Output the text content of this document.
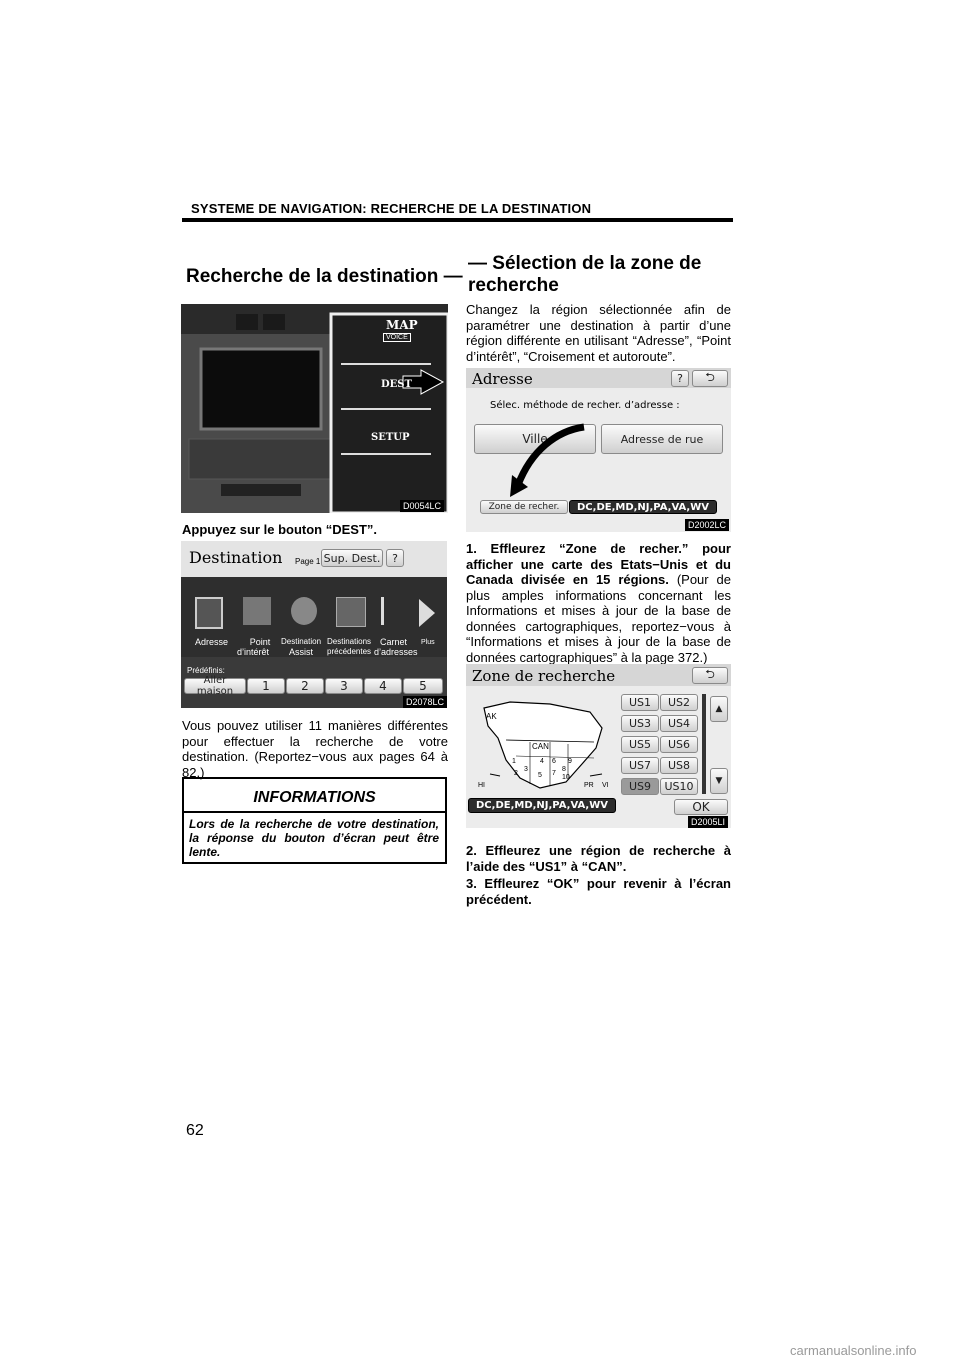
SYSTEME DE NAVIGATION: RECHERCHE DE LA DESTINATION
Recherche de la destination —
— Sélection de la zone de recherche
MAP
VOICE
DEST
SETUP
D0054LC
Appuyez sur le bouton “DEST”.
Destination Page 1 Sup. Dest.	?
Adresse	Point
d’intérêt
Destination
Assist
Destinations
précédentes
Carnet
d’adresses
Plus
Prédéfinis:
Aller maison	1	2	3	4	5
D2078LC
Vous pouvez utiliser 11 manières différentes pour effectuer la recherche de votre destination. (Reportez−vous aux pages 64 à 82.)
INFORMATIONS
Lors de la recherche de votre destination, la réponse du bouton d’écran peut être lente.
Changez la région sélectionnée afin de paramétrer une destination à partir d’une région différente en utilisant “Adresse”, “Point d’intérêt”, “Croisement et autoroute”.
Adresse	?	⮌
Sélec. méthode de recher. d’adresse :
Ville	Adresse de rue
Zone de recher.	DC,DE,MD,NJ,PA,VA,WV
D2002LC
1. Effleurez “Zone de recher.” pour afficher une carte des Etats−Unis et du Canada divisée en 15 régions. (Pour de plus amples informations concernant les Informations et mises à jour de la base de données cartographiques, reportez−vous à “Informations et mises à jour de la base de données cartographiques” à la page 372.)
Zone de recherche	⮌
AK
CAN
HI	PR VI
1
2
3
4
5
6
7
8
9
10
US1	US2
US3	US4
US5	US6
US7	US8
US9	US10
▲
▼
DC,DE,MD,NJ,PA,VA,WV	OK
D2005LI
2. Effleurez une région de recherche à l’aide des “US1” à “CAN”.
3. Effleurez “OK” pour revenir à l’écran précédent.
62
carmanualsonline.info
